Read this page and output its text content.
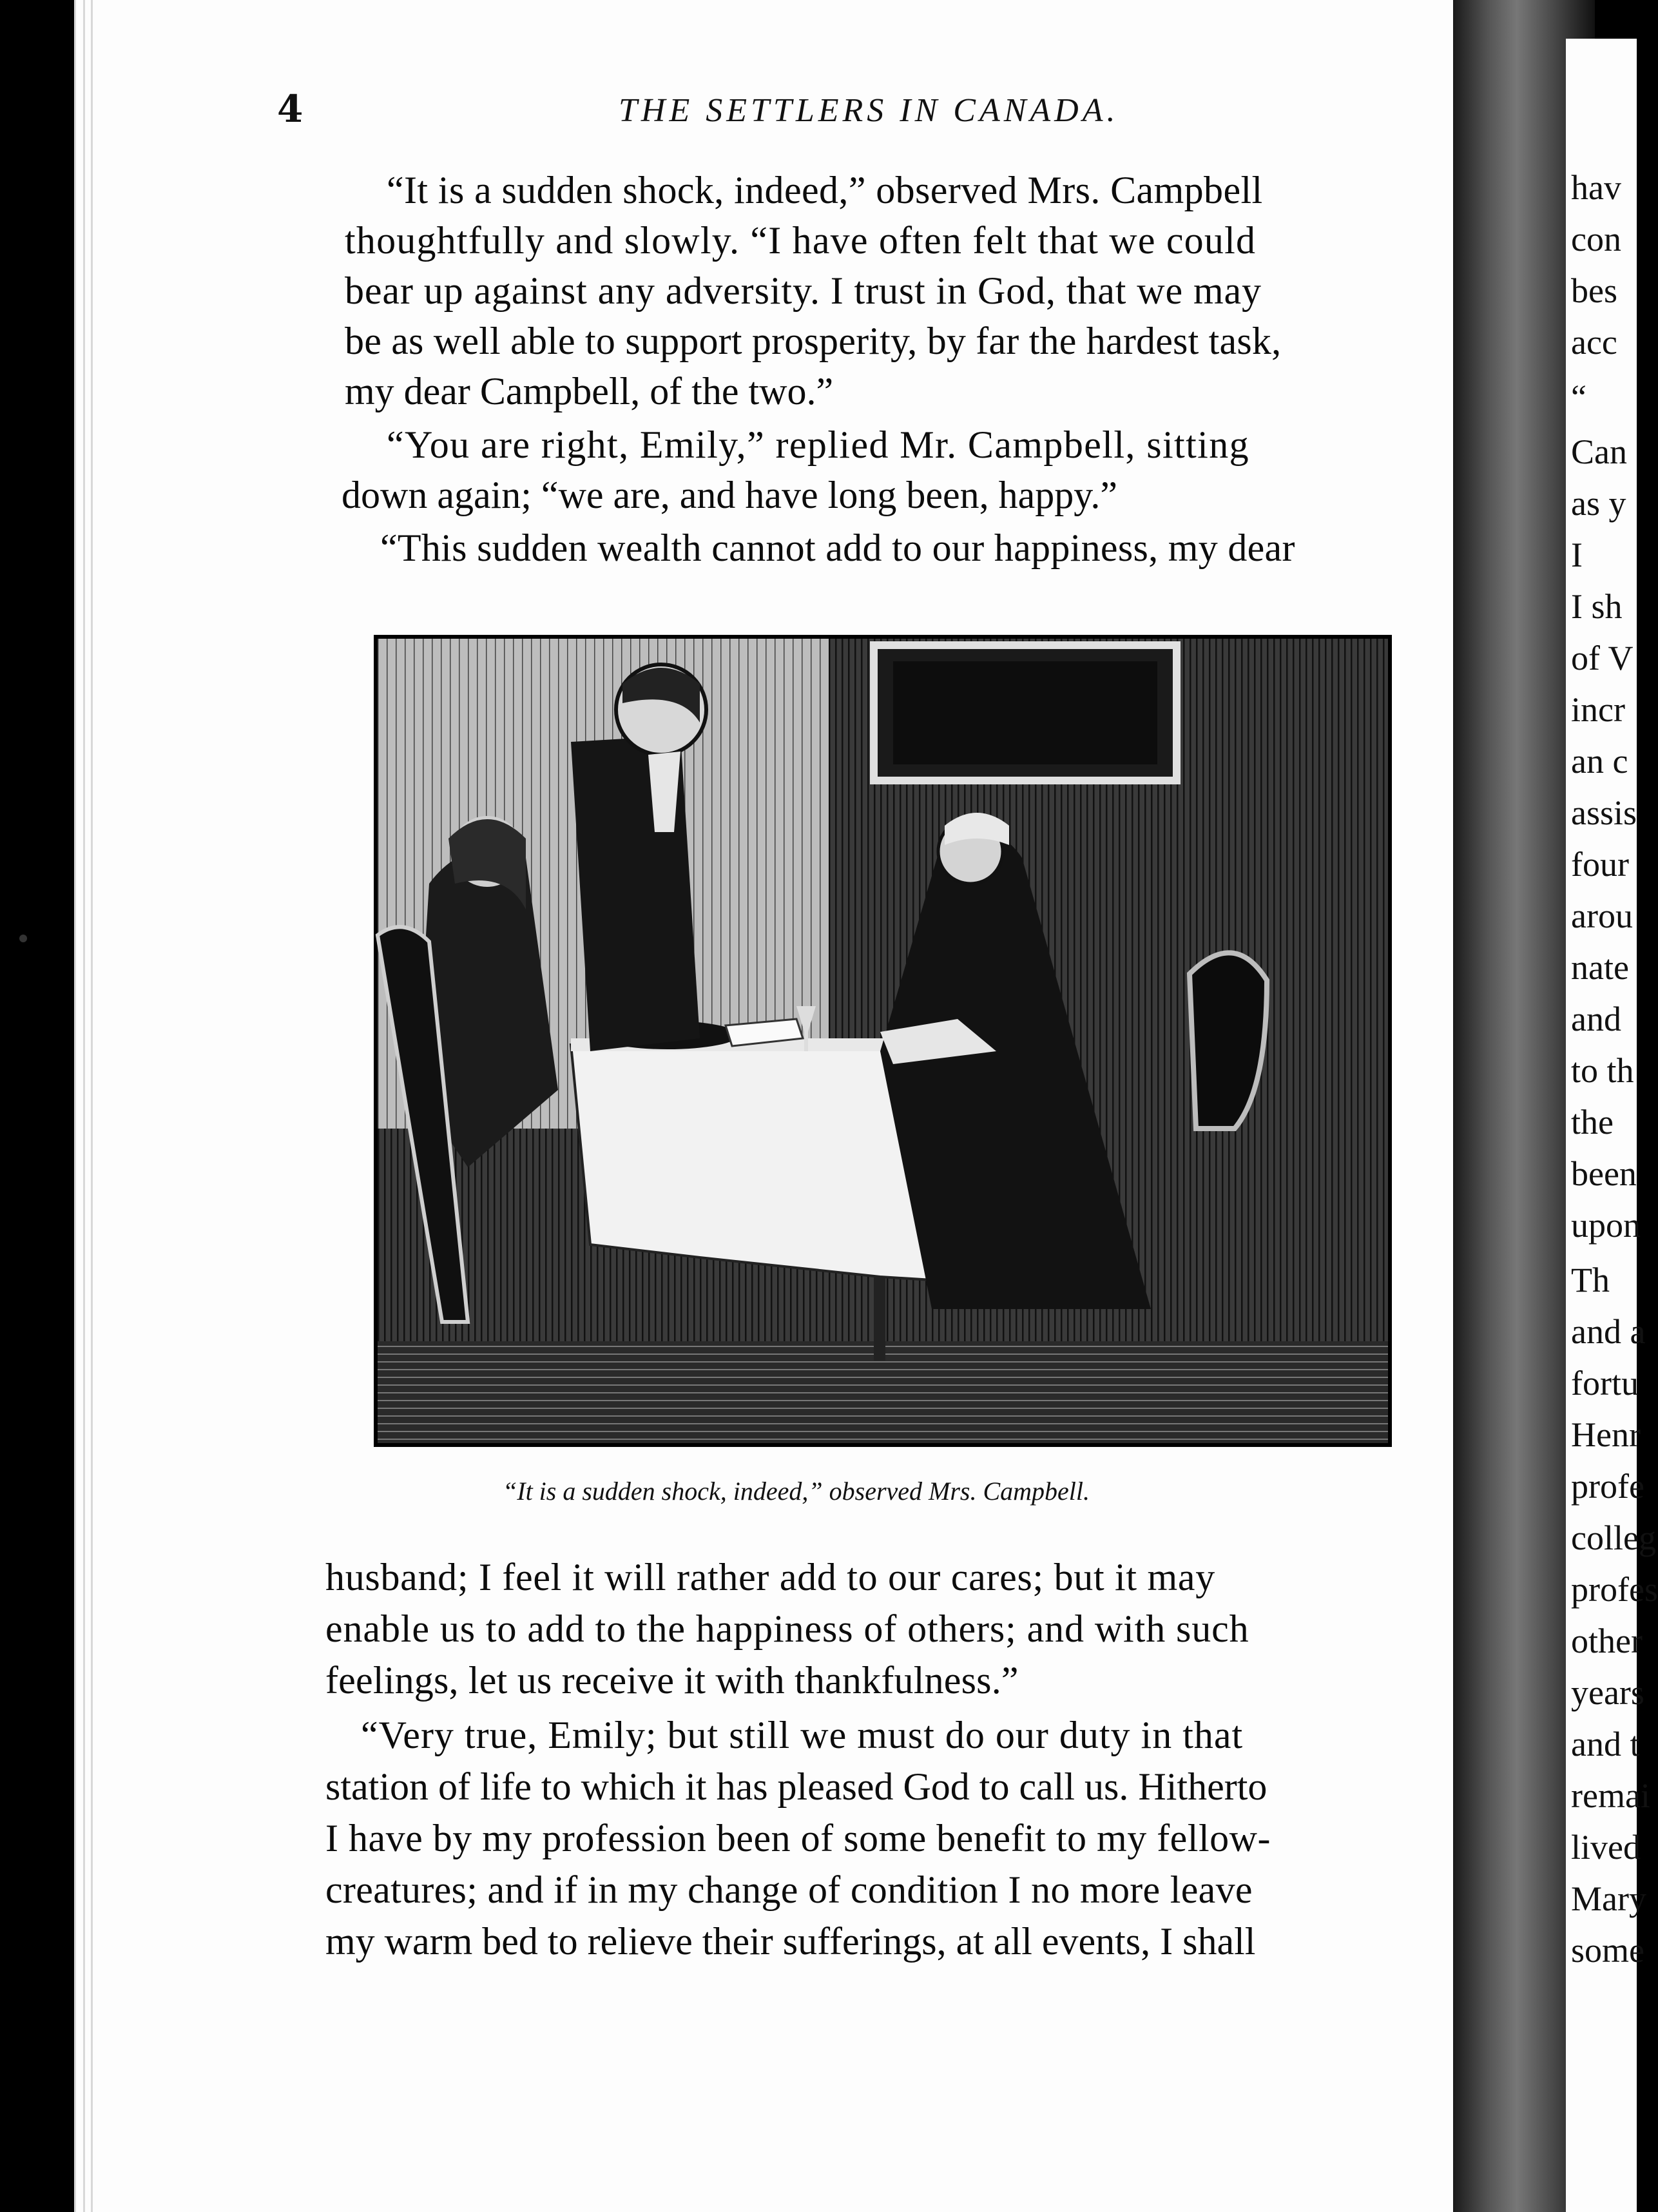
hav
con
bes
acc
“
Can
as y
I
I sh
of V
incr
an c
assis
four
arou
nate
and
to th
the
been
upon
Th
and a
fortu
Henr
profe
colleg
profes
other
years
and t
remai
lived
Mary
some
4	THE SETTLERS IN CANADA.
“It is a sudden shock, indeed,” observed Mrs. Campbell
thoughtfully and slowly. “I have often felt that we could
bear up against any adversity. I trust in God, that we may
be as well able to support prosperity, by far the hardest task,
my dear Campbell, of the two.”
“You are right, Emily,” replied Mr. Campbell, sitting
down again; “we are, and have long been, happy.”
“This sudden wealth cannot add to our happiness, my dear
“It is a sudden shock, indeed,” observed Mrs. Campbell.
husband; I feel it will rather add to our cares; but it may
enable us to add to the happiness of others; and with such
feelings, let us receive it with thankfulness.”
“Very true, Emily; but still we must do our duty in that
station of life to which it has pleased God to call us. Hitherto
I have by my profession been of some benefit to my fellow-
creatures; and if in my change of condition I no more leave
my warm bed to relieve their sufferings, at all events, I shall
